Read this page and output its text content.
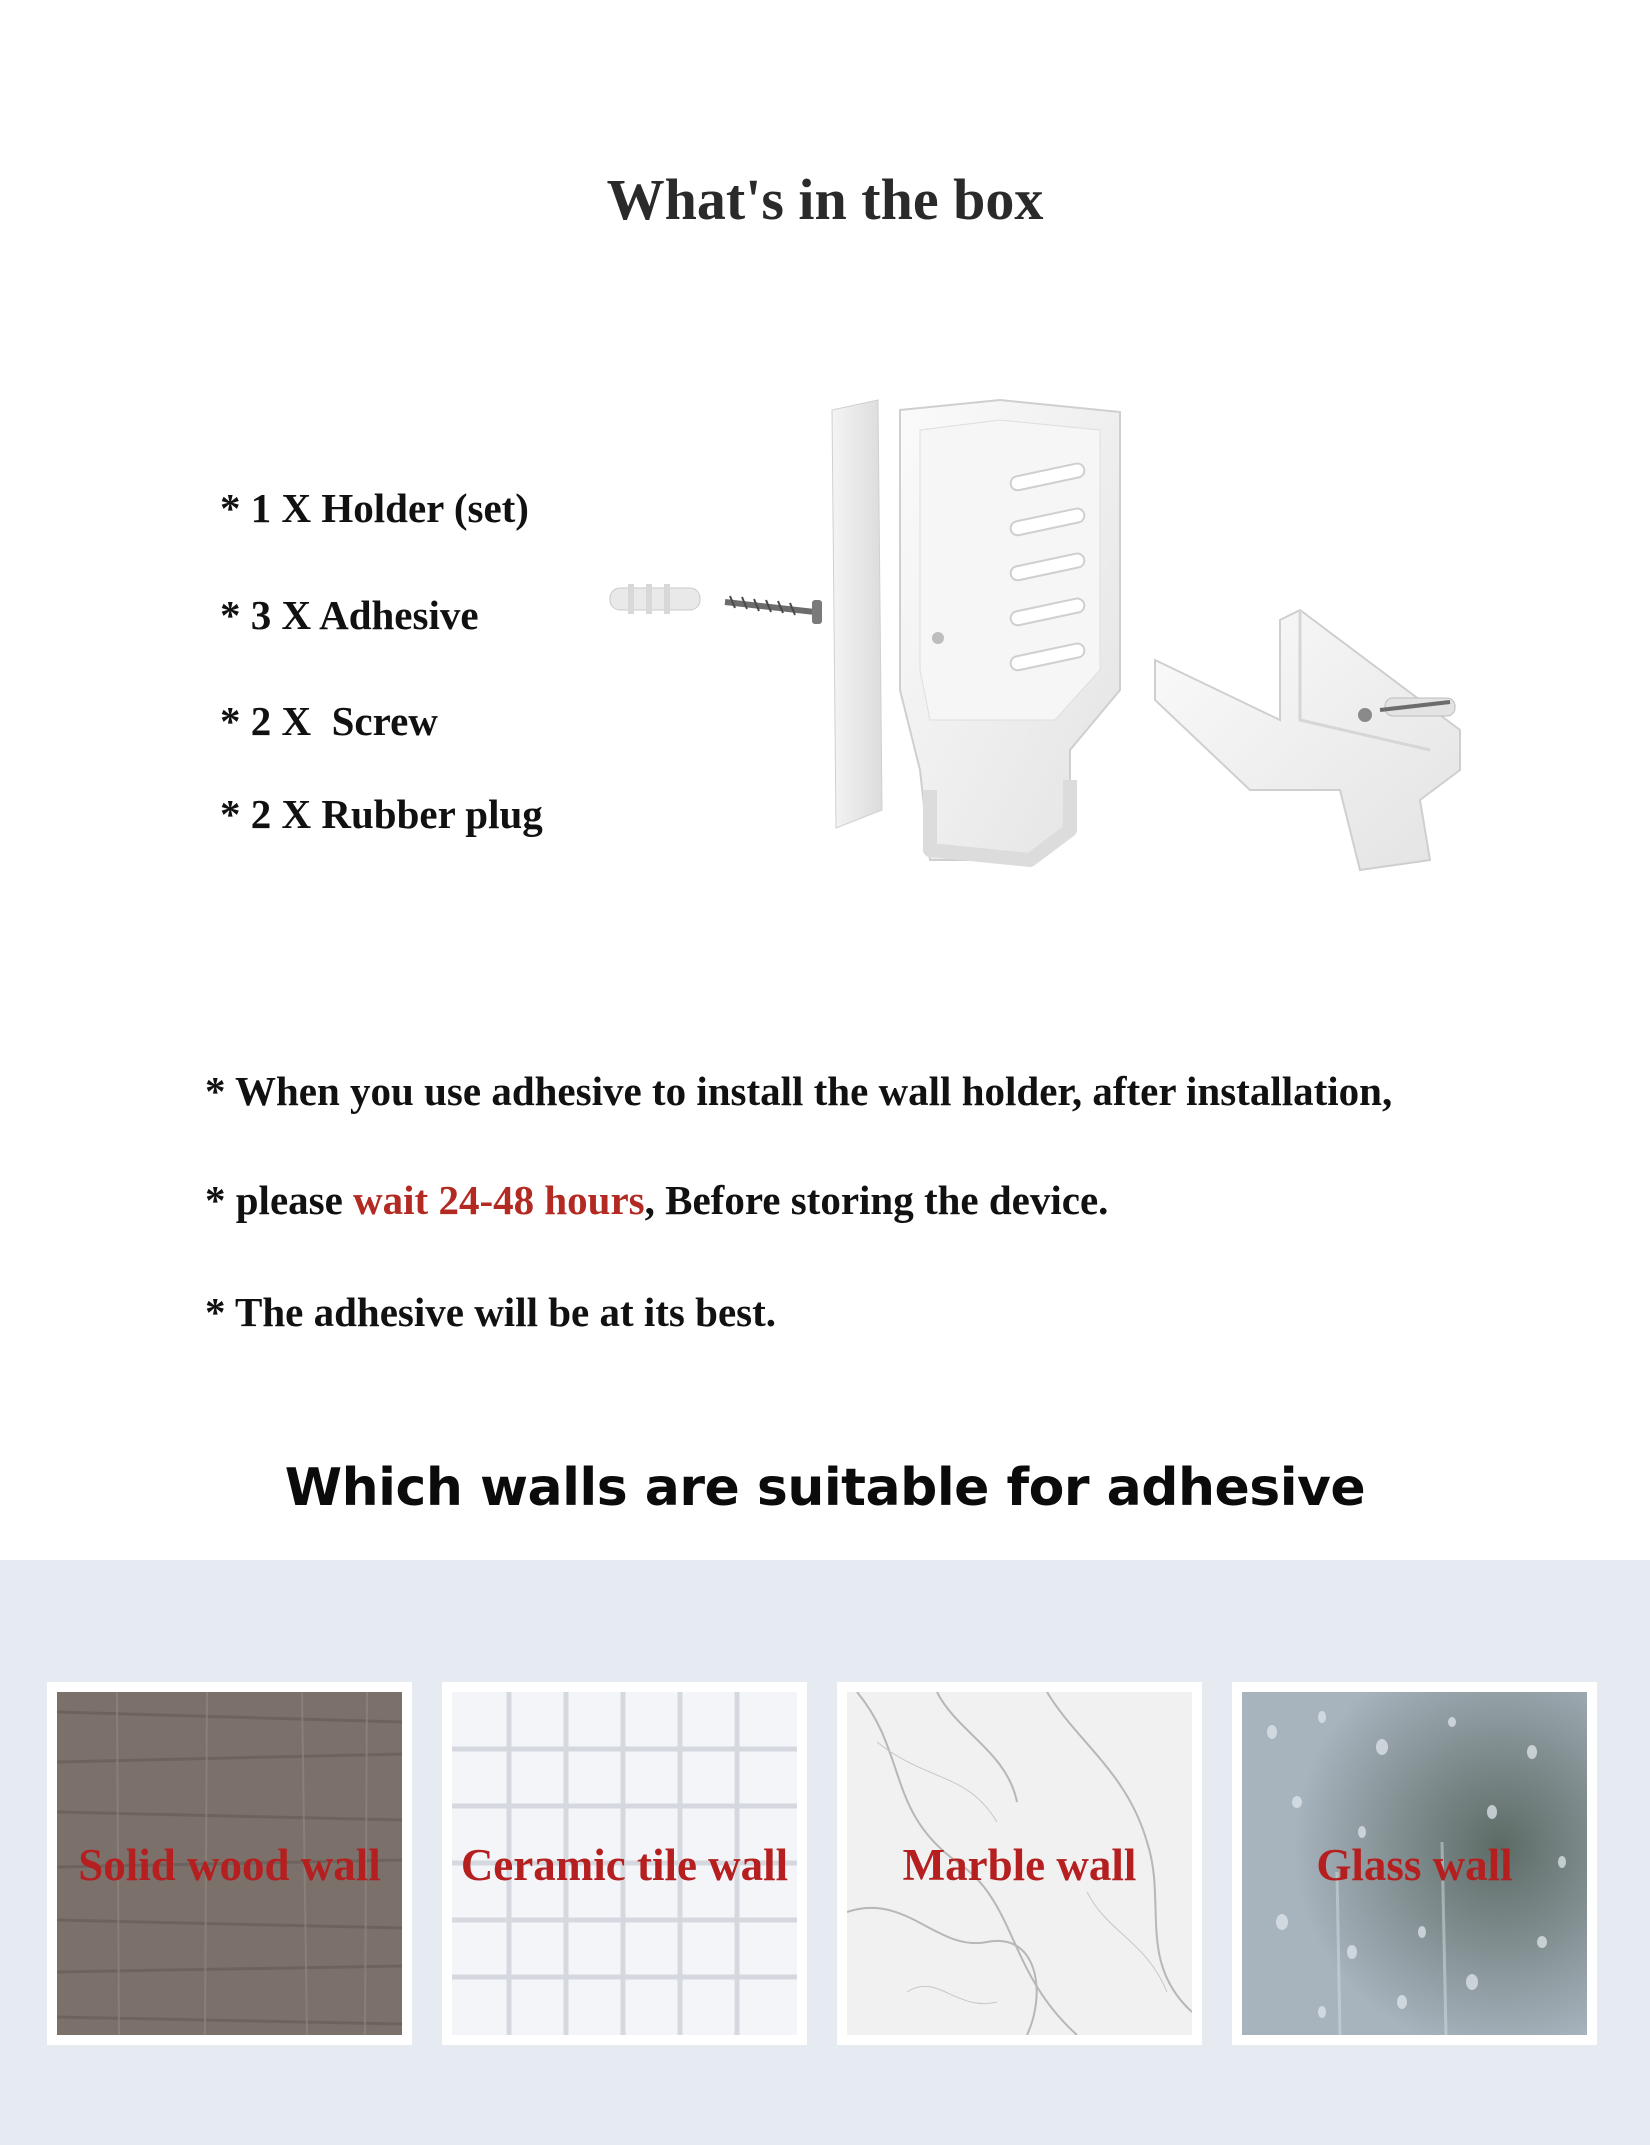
What's in the box
* 1 X Holder (set)
* 3 X Adhesive
* 2 X  Screw
* 2 X Rubber plug
* When you use adhesive to install the wall holder, after installation,
* please wait 24-48 hours, Before storing the device.
* The adhesive will be at its best.
Which walls are suitable for adhesive
Solid wood wall	Ceramic tile wall	Marble wall	Glass wall
